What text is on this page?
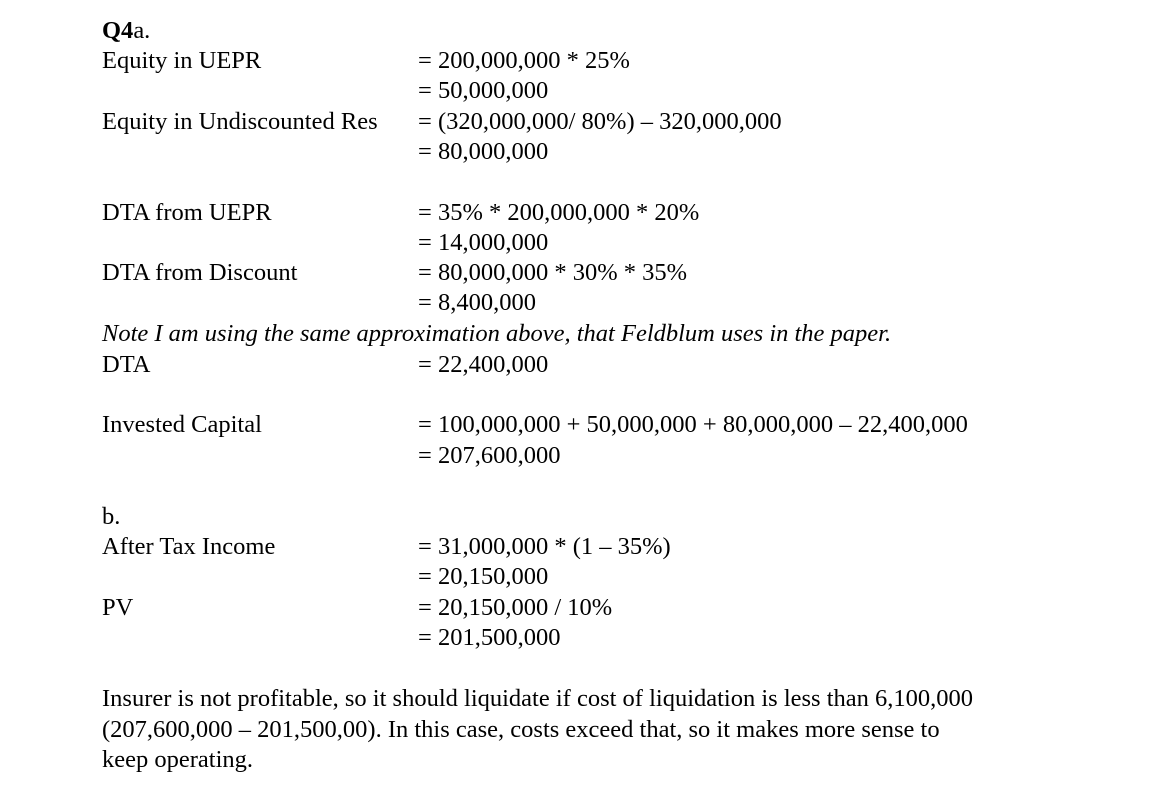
Q4a.
Equity in UEPR	= 200,000,000 * 25%
= 50,000,000
Equity in Undiscounted Res = (320,000,000/ 80%) – 320,000,000
= 80,000,000
DTA from UEPR	= 35% * 200,000,000 * 20%
= 14,000,000
DTA from Discount	= 80,000,000 * 30% * 35%
= 8,400,000
Note I am using the same approximation above, that Feldblum uses in the paper.
DTA	= 22,400,000
Invested Capital	= 100,000,000 + 50,000,000 + 80,000,000 – 22,400,000
= 207,600,000
b.
After Tax Income	= 31,000,000 * (1 – 35%)
= 20,150,000
PV	= 20,150,000 / 10%
= 201,500,000
Insurer is not profitable, so it should liquidate if cost of liquidation is less than 6,100,000
(207,600,000 – 201,500,00). In this case, costs exceed that, so it makes more sense to
keep operating.
